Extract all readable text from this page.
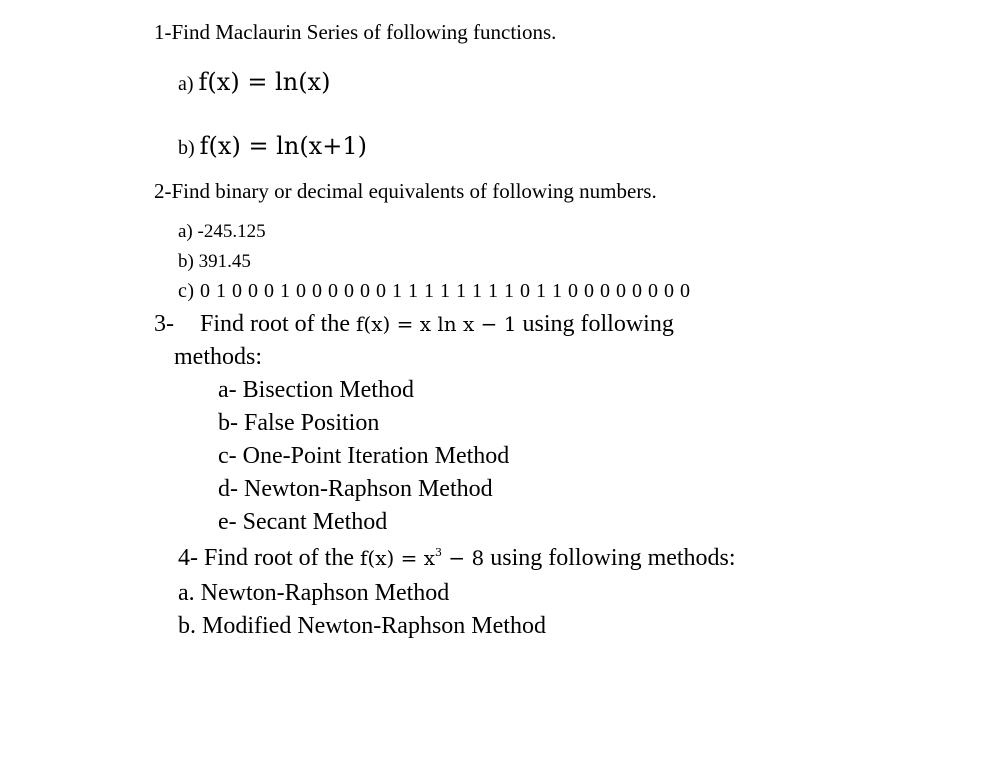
1-Find Maclaurin Series of following functions.
a) f(x) = ln(x)
b) f(x) = ln(x+1)
2-Find binary or decimal equivalents of following numbers.
a) -245.125
b) 391.45
c) 0 1 0 0 0 1 0 0 0 0 0 0 1 1 1 1 1 1 1 1 0 1 1 0 0 0 0 0 0 0 0
3- Find root of the f(x) = x ln x − 1 using following
methods:
a- Bisection Method
b- False Position
c- One-Point Iteration Method
d- Newton-Raphson Method
e- Secant Method
4- Find root of the $f(x) = x^3 - 8$ using following methods:
a. Newton-Raphson Method
b. Modified Newton-Raphson Method
